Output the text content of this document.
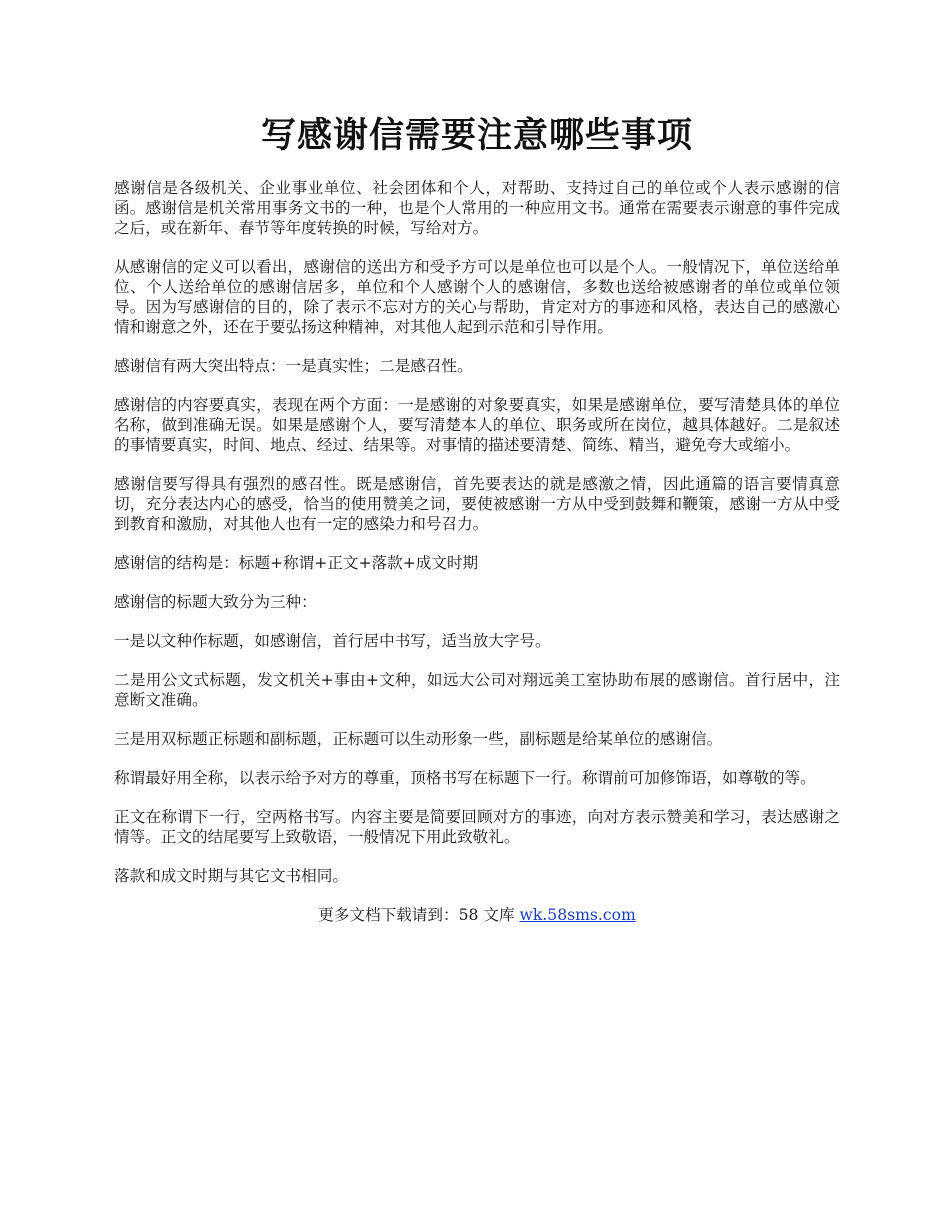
写感谢信需要注意哪些事项

感谢信是各级机关、企业事业单位、社会团体和个人，对帮助、支持过自己的单位或个人表示感谢的信函。感谢信是机关常用事务文书的一种，也是个人常用的一种应用文书。通常在需要表示谢意的事件完成之后，或在新年、春节等年度转换的时候，写给对方。

从感谢信的定义可以看出，感谢信的送出方和受予方可以是单位也可以是个人。一般情况下，单位送给单位、个人送给单位的感谢信居多，单位和个人感谢个人的感谢信，多数也送给被感谢者的单位或单位领导。因为写感谢信的目的，除了表示不忘对方的关心与帮助，肯定对方的事迹和风格，表达自己的感激心情和谢意之外，还在于要弘扬这种精神，对其他人起到示范和引导作用。

感谢信有两大突出特点：一是真实性；二是感召性。

感谢信的内容要真实，表现在两个方面：一是感谢的对象要真实，如果是感谢单位，要写清楚具体的单位名称，做到准确无误。如果是感谢个人，要写清楚本人的单位、职务或所在岗位，越具体越好。二是叙述的事情要真实，时间、地点、经过、结果等。对事情的描述要清楚、简练、精当，避免夸大或缩小。

感谢信要写得具有强烈的感召性。既是感谢信，首先要表达的就是感激之情，因此通篇的语言要情真意切，充分表达内心的感受，恰当的使用赞美之词，要使被感谢一方从中受到鼓舞和鞭策，感谢一方从中受到教育和激励，对其他人也有一定的感染力和号召力。

感谢信的结构是：标题+称谓+正文+落款+成文时期

感谢信的标题大致分为三种：

一是以文种作标题，如感谢信，首行居中书写，适当放大字号。

二是用公文式标题，发文机关+事由+文种，如远大公司对翔远美工室协助布展的感谢信。首行居中，注意断文准确。

三是用双标题正标题和副标题，正标题可以生动形象一些，副标题是给某单位的感谢信。

称谓最好用全称，以表示给予对方的尊重，顶格书写在标题下一行。称谓前可加修饰语，如尊敬的等。

正文在称谓下一行，空两格书写。内容主要是简要回顾对方的事迹，向对方表示赞美和学习，表达感谢之情等。正文的结尾要写上致敬语，一般情况下用此致敬礼。

落款和成文时期与其它文书相同。

更多文档下载请到：58 文库 wk.58sms.com
